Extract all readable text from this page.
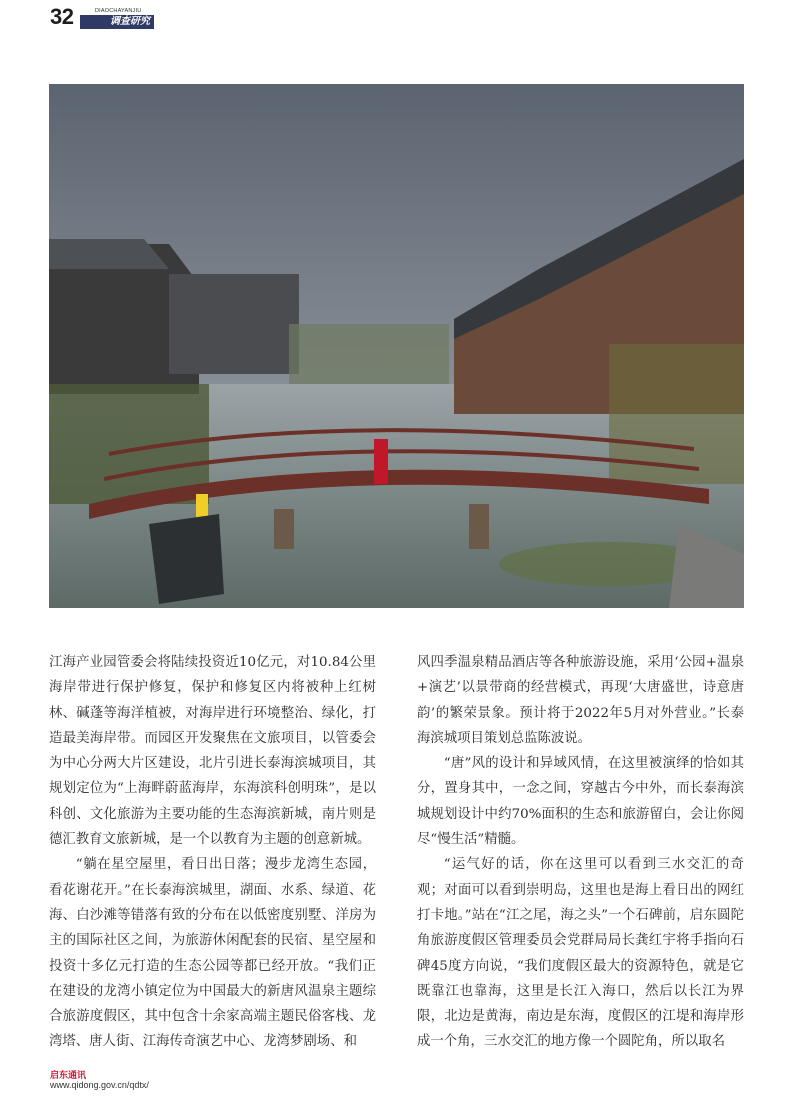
32	DIAOCHAYANJIU
调查研究

江海产业园管委会将陆续投资近10亿元，对10.84公里海岸带进行保护修复，保护和修复区内将被种上红树林、碱蓬等海洋植被，对海岸进行环境整治、绿化，打造最美海岸带。而园区开发聚焦在文旅项目，以管委会为中心分两大片区建设，北片引进长泰海滨城项目，其规划定位为“上海畔蔚蓝海岸，东海滨科创明珠”，是以科创、文化旅游为主要功能的生态海滨新城，南片则是德汇教育文旅新城，是一个以教育为主题的创意新城。

“躺在星空屋里，看日出日落；漫步龙湾生态园，看花谢花开。”在长泰海滨城里，湖面、水系、绿道、花海、白沙滩等错落有致的分布在以低密度别墅、洋房为主的国际社区之间，为旅游休闲配套的民宿、星空屋和投资十多亿元打造的生态公园等都已经开放。“我们正在建设的龙湾小镇定位为中国最大的新唐风温泉主题综合旅游度假区，其中包含十余家高端主题民俗客栈、龙湾塔、唐人街、江海传奇演艺中心、龙湾梦剧场、和

风四季温泉精品酒店等各种旅游设施，采用‘公园+温泉+演艺’以景带商的经营模式，再现‘大唐盛世，诗意唐韵’的繁荣景象。预计将于2022年5月对外营业。”长泰海滨城项目策划总监陈波说。

“唐”风的设计和异域风情，在这里被演绎的恰如其分，置身其中，一念之间，穿越古今中外，而长泰海滨城规划设计中约70%面积的生态和旅游留白，会让你阅尽“慢生活”精髓。

“运气好的话，你在这里可以看到三水交汇的奇观；对面可以看到崇明岛，这里也是海上看日出的网红打卡地。”站在“江之尾，海之头”一个石碑前，启东圆陀角旅游度假区管理委员会党群局局长龚红宇将手指向石碑45度方向说，“我们度假区最大的资源特色，就是它既靠江也靠海，这里是长江入海口，然后以长江为界限，北边是黄海，南边是东海，度假区的江堤和海岸形成一个角，三水交汇的地方像一个圆陀角，所以取名

启东通讯
www.qidong.gov.cn/qdtx/
